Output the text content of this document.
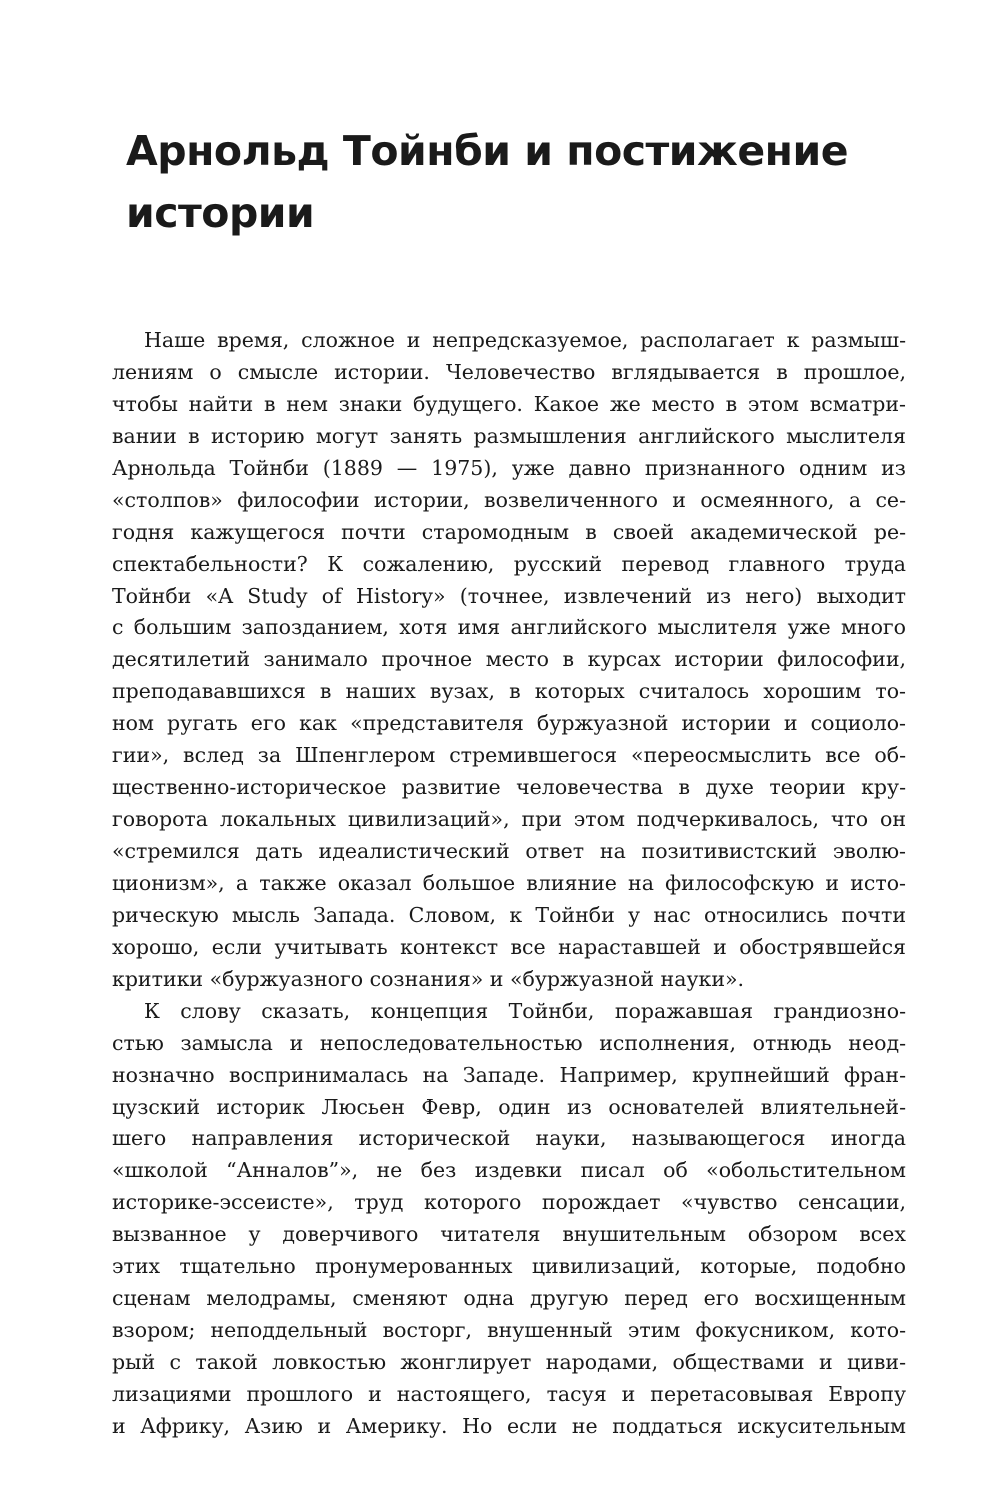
Арнольд Тойнби и постижение
истории
Наше время, сложное и непредсказуемое, располагает к размыш-
лениям о смысле истории. Человечество вглядывается в прошлое,
чтобы найти в нем знаки будущего. Какое же место в этом всматри-
вании в историю могут занять размышления английского мыслителя
Арнольда Тойнби (1889 — 1975), уже давно признанного одним из
«столпов» философии истории, возвеличенного и осмеянного, а се-
годня кажущегося почти старомодным в своей академической ре-
спектабельности? К сожалению, русский перевод главного труда
Тойнби «A Study of History» (точнее, извлечений из него) выходит
с большим запозданием, хотя имя английского мыслителя уже много
десятилетий занимало прочное место в курсах истории философии,
преподававшихся в наших вузах, в которых считалось хорошим то-
ном ругать его как «представителя буржуазной истории и социоло-
гии», вслед за Шпенглером стремившегося «переосмыслить все об-
щественно-историческое развитие человечества в духе теории кру-
говорота локальных цивилизаций», при этом подчеркивалось, что он
«стремился дать идеалистический ответ на позитивистский эволю-
ционизм», а также оказал большое влияние на философскую и исто-
рическую мысль Запада. Словом, к Тойнби у нас относились почти
хорошо, если учитывать контекст все нараставшей и обострявшейся
критики «буржуазного сознания» и «буржуазной науки».
К слову сказать, концепция Тойнби, поражавшая грандиозно-
стью замысла и непоследовательностью исполнения, отнюдь неод-
нозначно воспринималась на Западе. Например, крупнейший фран-
цузский историк Люсьен Февр, один из основателей влиятельней-
шего направления исторической науки, называющегося иногда
«школой “Анналов”», не без издевки писал об «обольстительном
историке-эссеисте», труд которого порождает «чувство сенсации,
вызванное у доверчивого читателя внушительным обзором всех
этих тщательно пронумерованных цивилизаций, которые, подобно
сценам мелодрамы, сменяют одна другую перед его восхищенным
взором; неподдельный восторг, внушенный этим фокусником, кото-
рый с такой ловкостью жонглирует народами, обществами и циви-
лизациями прошлого и настоящего, тасуя и перетасовывая Европу
и Африку, Азию и Америку. Но если не поддаться искусительным
